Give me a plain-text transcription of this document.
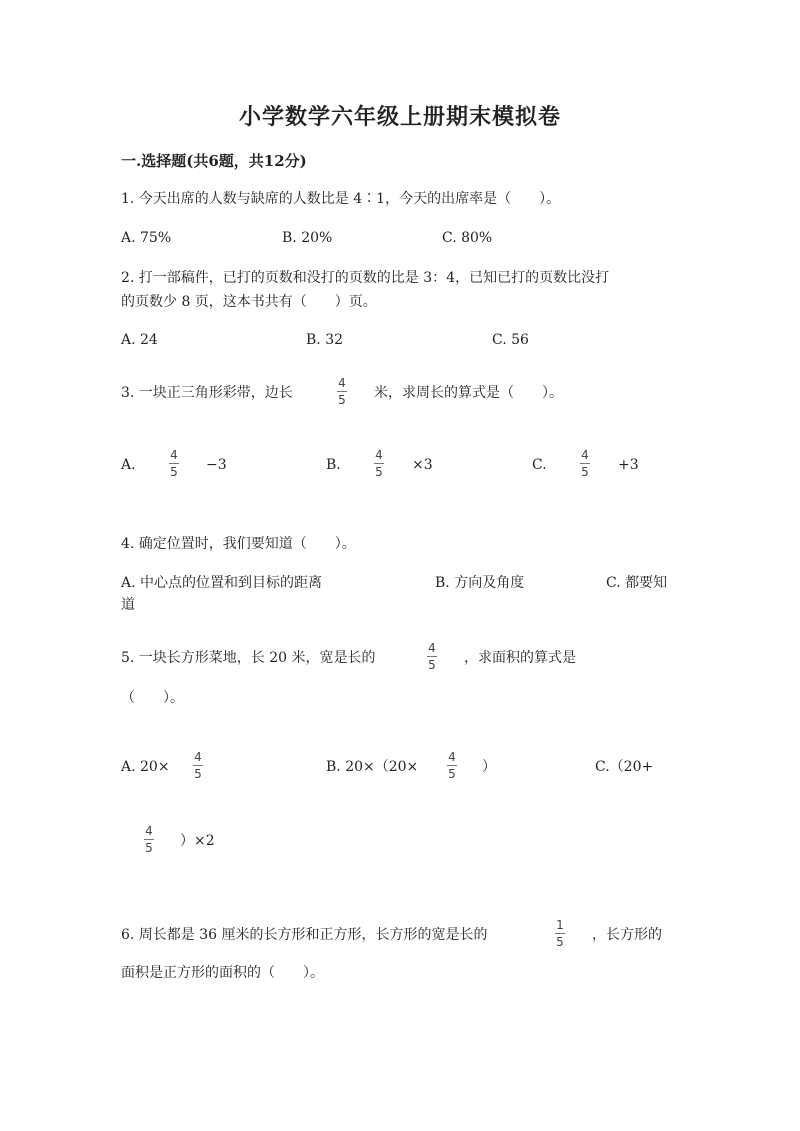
小学数学六年级上册期末模拟卷
一.选择题(共6题，共12分)
1. 今天出席的人数与缺席的人数比是 4∶1，今天的出席率是（　　）。
A. 75%	B. 20%	C. 80%
2. 打一部稿件，已打的页数和没打的页数的比是 3：4，已知已打的页数比没打
的页数少 8 页，这本书共有（　　）页。
A. 24	B. 32	C. 56
3. 一块正三角形彩带，边长
4
5 米，求周长的算式是（　　）。
A.
4
5 −3	B.
4
5 ×3	C.
4
5 +3
4. 确定位置时，我们要知道（　　）。
A. 中心点的位置和到目标的距离	B. 方向及角度	C. 都要知
道
5. 一块长方形菜地，长 20 米，宽是长的
4
5 ，求面积的算式是
（　　）。
A. 20×
4
5	B. 20×（20×
4
5 ）	C.（20+
4
5 ）×2
6. 周长都是 36 厘米的长方形和正方形，长方形的宽是长的
1
5 ，长方形的
面积是正方形的面积的（　　）。
